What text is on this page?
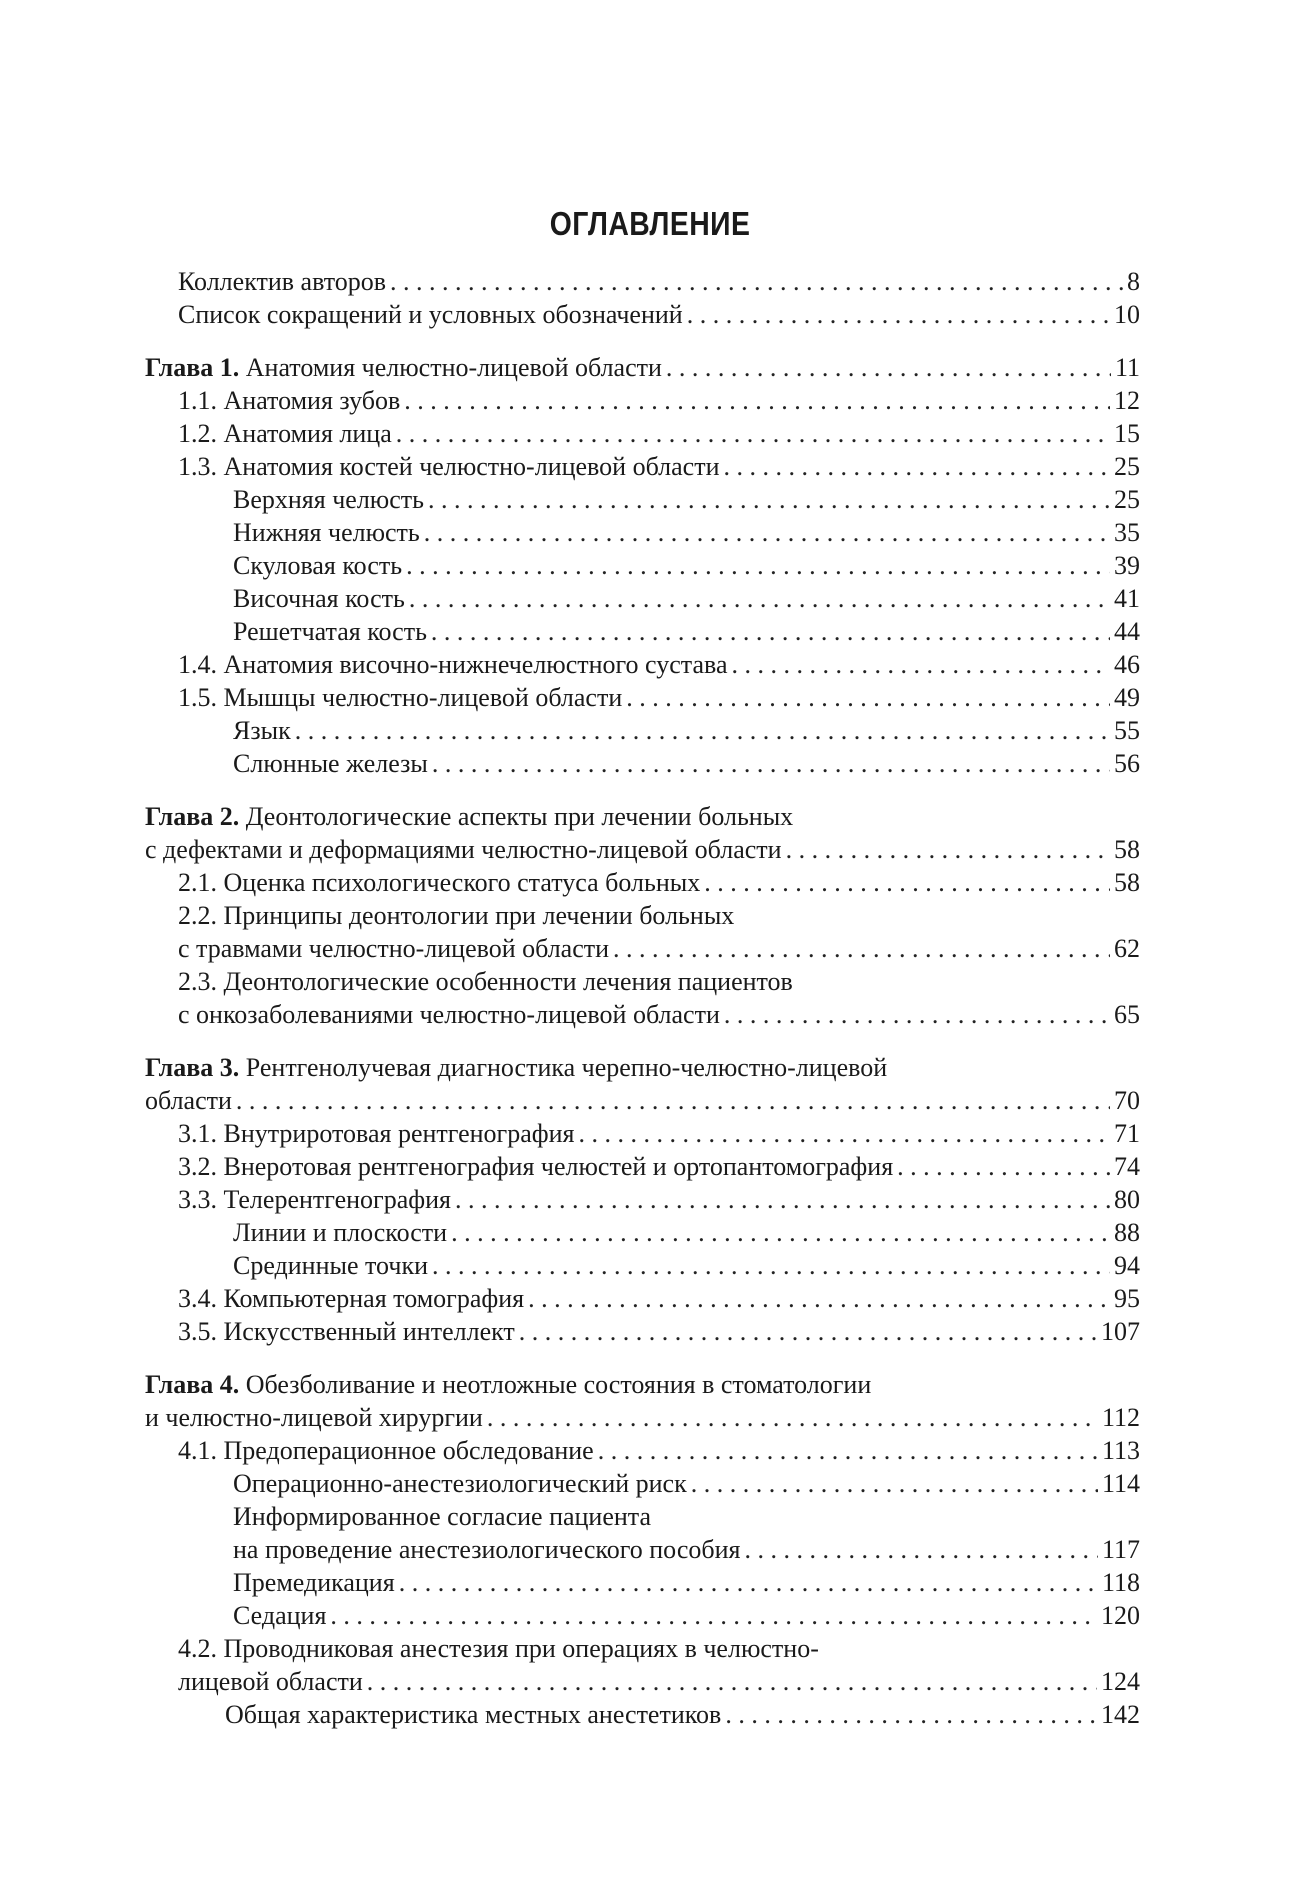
ОГЛАВЛЕНИЕ
Коллектив авторов . . .	8
Список сокращений и условных обозначений . . .	10
Глава 1. Анатомия челюстно-лицевой области . . .	11
1.1. Анатомия зубов . . .	12
1.2. Анатомия лица . . .	15
1.3. Анатомия костей челюстно-лицевой области . . .	25
Верхняя челюсть . . .	25
Нижняя челюсть . . .	35
Скуловая кость . . .	39
Височная кость . . .	41
Решетчатая кость . . .	44
1.4. Анатомия височно-нижнечелюстного сустава . . .	46
1.5. Мышцы челюстно-лицевой области . . .	49
Язык . . .	55
Слюнные железы . . .	56
Глава 2. Деонтологические аспекты при лечении больных
с дефектами и деформациями челюстно-лицевой области . . .	58
2.1. Оценка психологического статуса больных . . .	58
2.2. Принципы деонтологии при лечении больных
с травмами челюстно-лицевой области . . .	62
2.3. Деонтологические особенности лечения пациентов
с онкозаболеваниями челюстно-лицевой области . . .	65
Глава 3. Рентгенолучевая диагностика черепно-челюстно-лицевой
области . . .	70
3.1. Внутриротовая рентгенография . . .	71
3.2. Внеротовая рентгенография челюстей и ортопантомография . . .	74
3.3. Телерентгенография . . .	80
Линии и плоскости . . .	88
Срединные точки . . .	94
3.4. Компьютерная томография . . .	95
3.5. Искусственный интеллект . . .	107
Глава 4. Обезболивание и неотложные состояния в стоматологии
и челюстно-лицевой хирургии . . .	112
4.1. Предоперационное обследование . . .	113
Операционно-анестезиологический риск . . .	114
Информированное согласие пациента
на проведение анестезиологического пособия . . .	117
Премедикация . . .	118
Седация . . .	120
4.2. Проводниковая анестезия при операциях в челюстно-
лицевой области . . .	124
Общая характеристика местных анестетиков . . .	142
